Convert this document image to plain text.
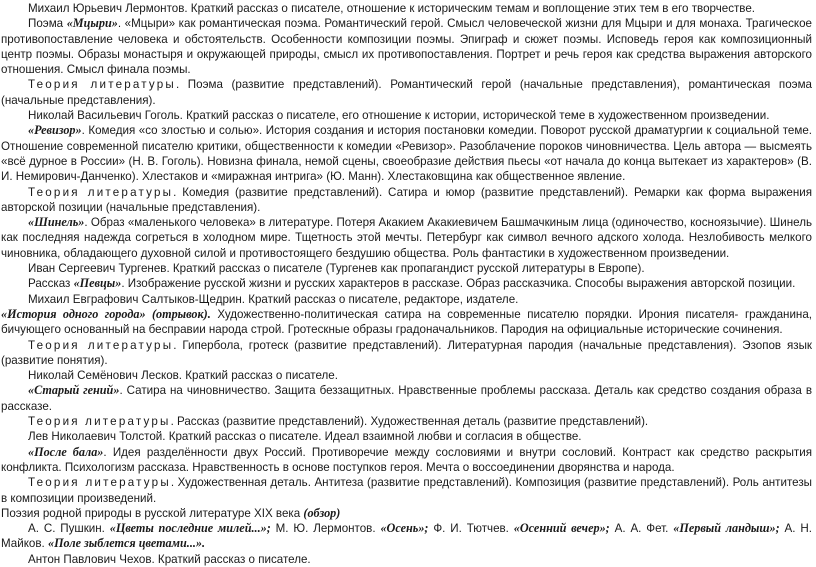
Михаил Юрьевич Лермонтов. Краткий рассказ о писателе, отношение к историческим темам и воплощение этих тем в его творчестве.

Поэма «Мцыри». «Мцыри» как романтическая поэма. Романтический герой. Смысл человеческой жизни для Мцыри и для монаха. Трагическое противопоставление человека и обстоятельств. Особенности композиции поэмы. Эпиграф и сюжет поэмы. Исповедь героя как композиционный центр поэмы. Образы монастыря и окружающей природы, смысл их противопоставления. Портрет и речь героя как средства выражения авторского отношения. Смысл финала поэмы.

Теория литературы. Поэма (развитие представлений). Романтический герой (начальные представления), романтическая поэма (начальные представления).

Николай Васильевич Гоголь. Краткий рассказ о писателе, его отношение к истории, исторической теме в художественном произведении.

«Ревизор». Комедия «со злостью и солью». История создания и история постановки комедии. Поворот русской драматургии к социальной теме. Отношение современной писателю критики, общественности к комедии «Ревизор». Разоблачение пороков чиновничества. Цель автора — высмеять «всё дурное в России» (Н. В. Гоголь). Новизна финала, немой сцены, своеобразие действия пьесы «от начала до конца вытекает из характеров» (В. И. Немирович-Данченко). Хлестаков и «миражная интрига» (Ю. Манн). Хлестаковщина как общественное явление.

Теория литературы. Комедия (развитие представлений). Сатира и юмор (развитие представлений). Ремарки как форма выражения авторской позиции (начальные представления).

«Шинель». Образ «маленького человека» в литературе. Потеря Акакием Акакиевичем Башмачкиным лица (одиночество, косноязычие). Шинель как последняя надежда согреться в холодном мире. Тщетность этой мечты. Петербург как символ вечного адского холода. Незлобивость мелкого чиновника, обладающего духовной силой и противостоящего бездушию общества. Роль фантастики в художественном произведении.

Иван Сергеевич Тургенев. Краткий рассказ о писателе (Тургенев как пропагандист русской литературы в Европе).

Рассказ «Певцы». Изображение русской жизни и русских характеров в рассказе. Образ рассказчика. Способы выражения авторской позиции.

Михаил Евграфович Салтыков-Щедрин. Краткий рассказ о писателе, редакторе, издателе.

«История одного города» (отрывок). Художественно-политическая сатира на современные писателю порядки. Ирония писателя- гражданина, бичующего основанный на бесправии народа строй. Гротескные образы градоначальников. Пародия на официальные исторические сочинения.

Теория литературы. Гипербола, гротеск (развитие представлений). Литературная пародия (начальные представления). Эзопов язык (развитие понятия).

Николай Семёнович Лесков. Краткий рассказ о писателе.

«Старый гений». Сатира на чиновничество. Защита беззащитных. Нравственные проблемы рассказа. Деталь как средство создания образа в рассказе.

Теория литературы. Рассказ (развитие представлений). Художественная деталь (развитие представлений).

Лев Николаевич Толстой. Краткий рассказ о писателе. Идеал взаимной любви и согласия в обществе.

«После бала». Идея разделённости двух Россий. Противоречие между сословиями и внутри сословий. Контраст как средство раскрытия конфликта. Психологизм рассказа. Нравственность в основе поступков героя. Мечта о воссоединении дворянства и народа.

Теория литературы. Художественная деталь. Антитеза (развитие представлений). Композиция (развитие представлений). Роль антитезы в композиции произведений.

Поэзия родной природы в русской литературе XIX века (обзор)

А. С. Пушкин. «Цветы последние милей...»; М. Ю. Лермонтов. «Осень»; Ф. И. Тютчев. «Осенний вечер»; А. А. Фет. «Первый ландыш»; А. Н. Майков. «Поле зыблется цветами...».

Антон Павлович Чехов. Краткий рассказ о писателе.
